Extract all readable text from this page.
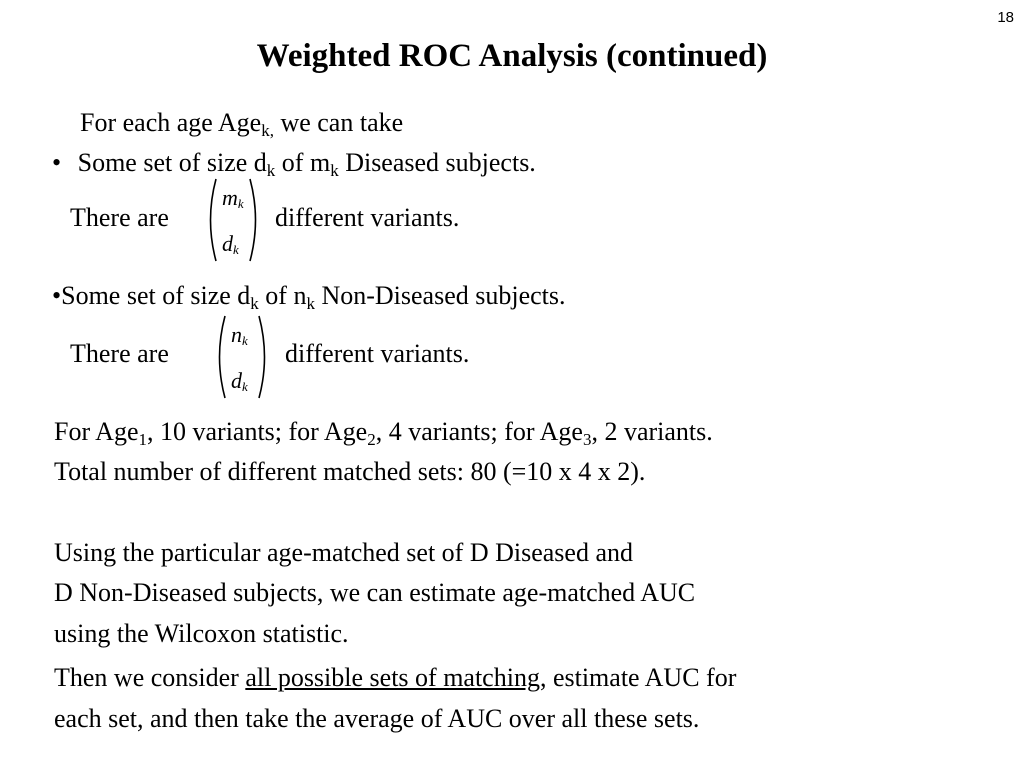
18
Weighted ROC Analysis (continued)
For each age Age$_{k,}$ we can take
• Some set of size $d_k$ of $m_k$ Diseased subjects.
There are
$m_k$
$d_k$
different variants.
•Some set of size $d_k$ of $n_k$ Non-Diseased subjects.
There are
$n_k$
$d_k$
different variants.
For Age$_1$, 10 variants; for Age$_2$, 4 variants; for Age$_3$, 2 variants.
Total number of different matched sets: 80 (=10 x 4 x 2).
Using the particular age-matched set of D Diseased and
D Non-Diseased subjects, we can estimate age-matched AUC
using the Wilcoxon statistic.
Then we consider all possible sets of matching, estimate AUC for
each set, and then take the average of AUC over all these sets.
